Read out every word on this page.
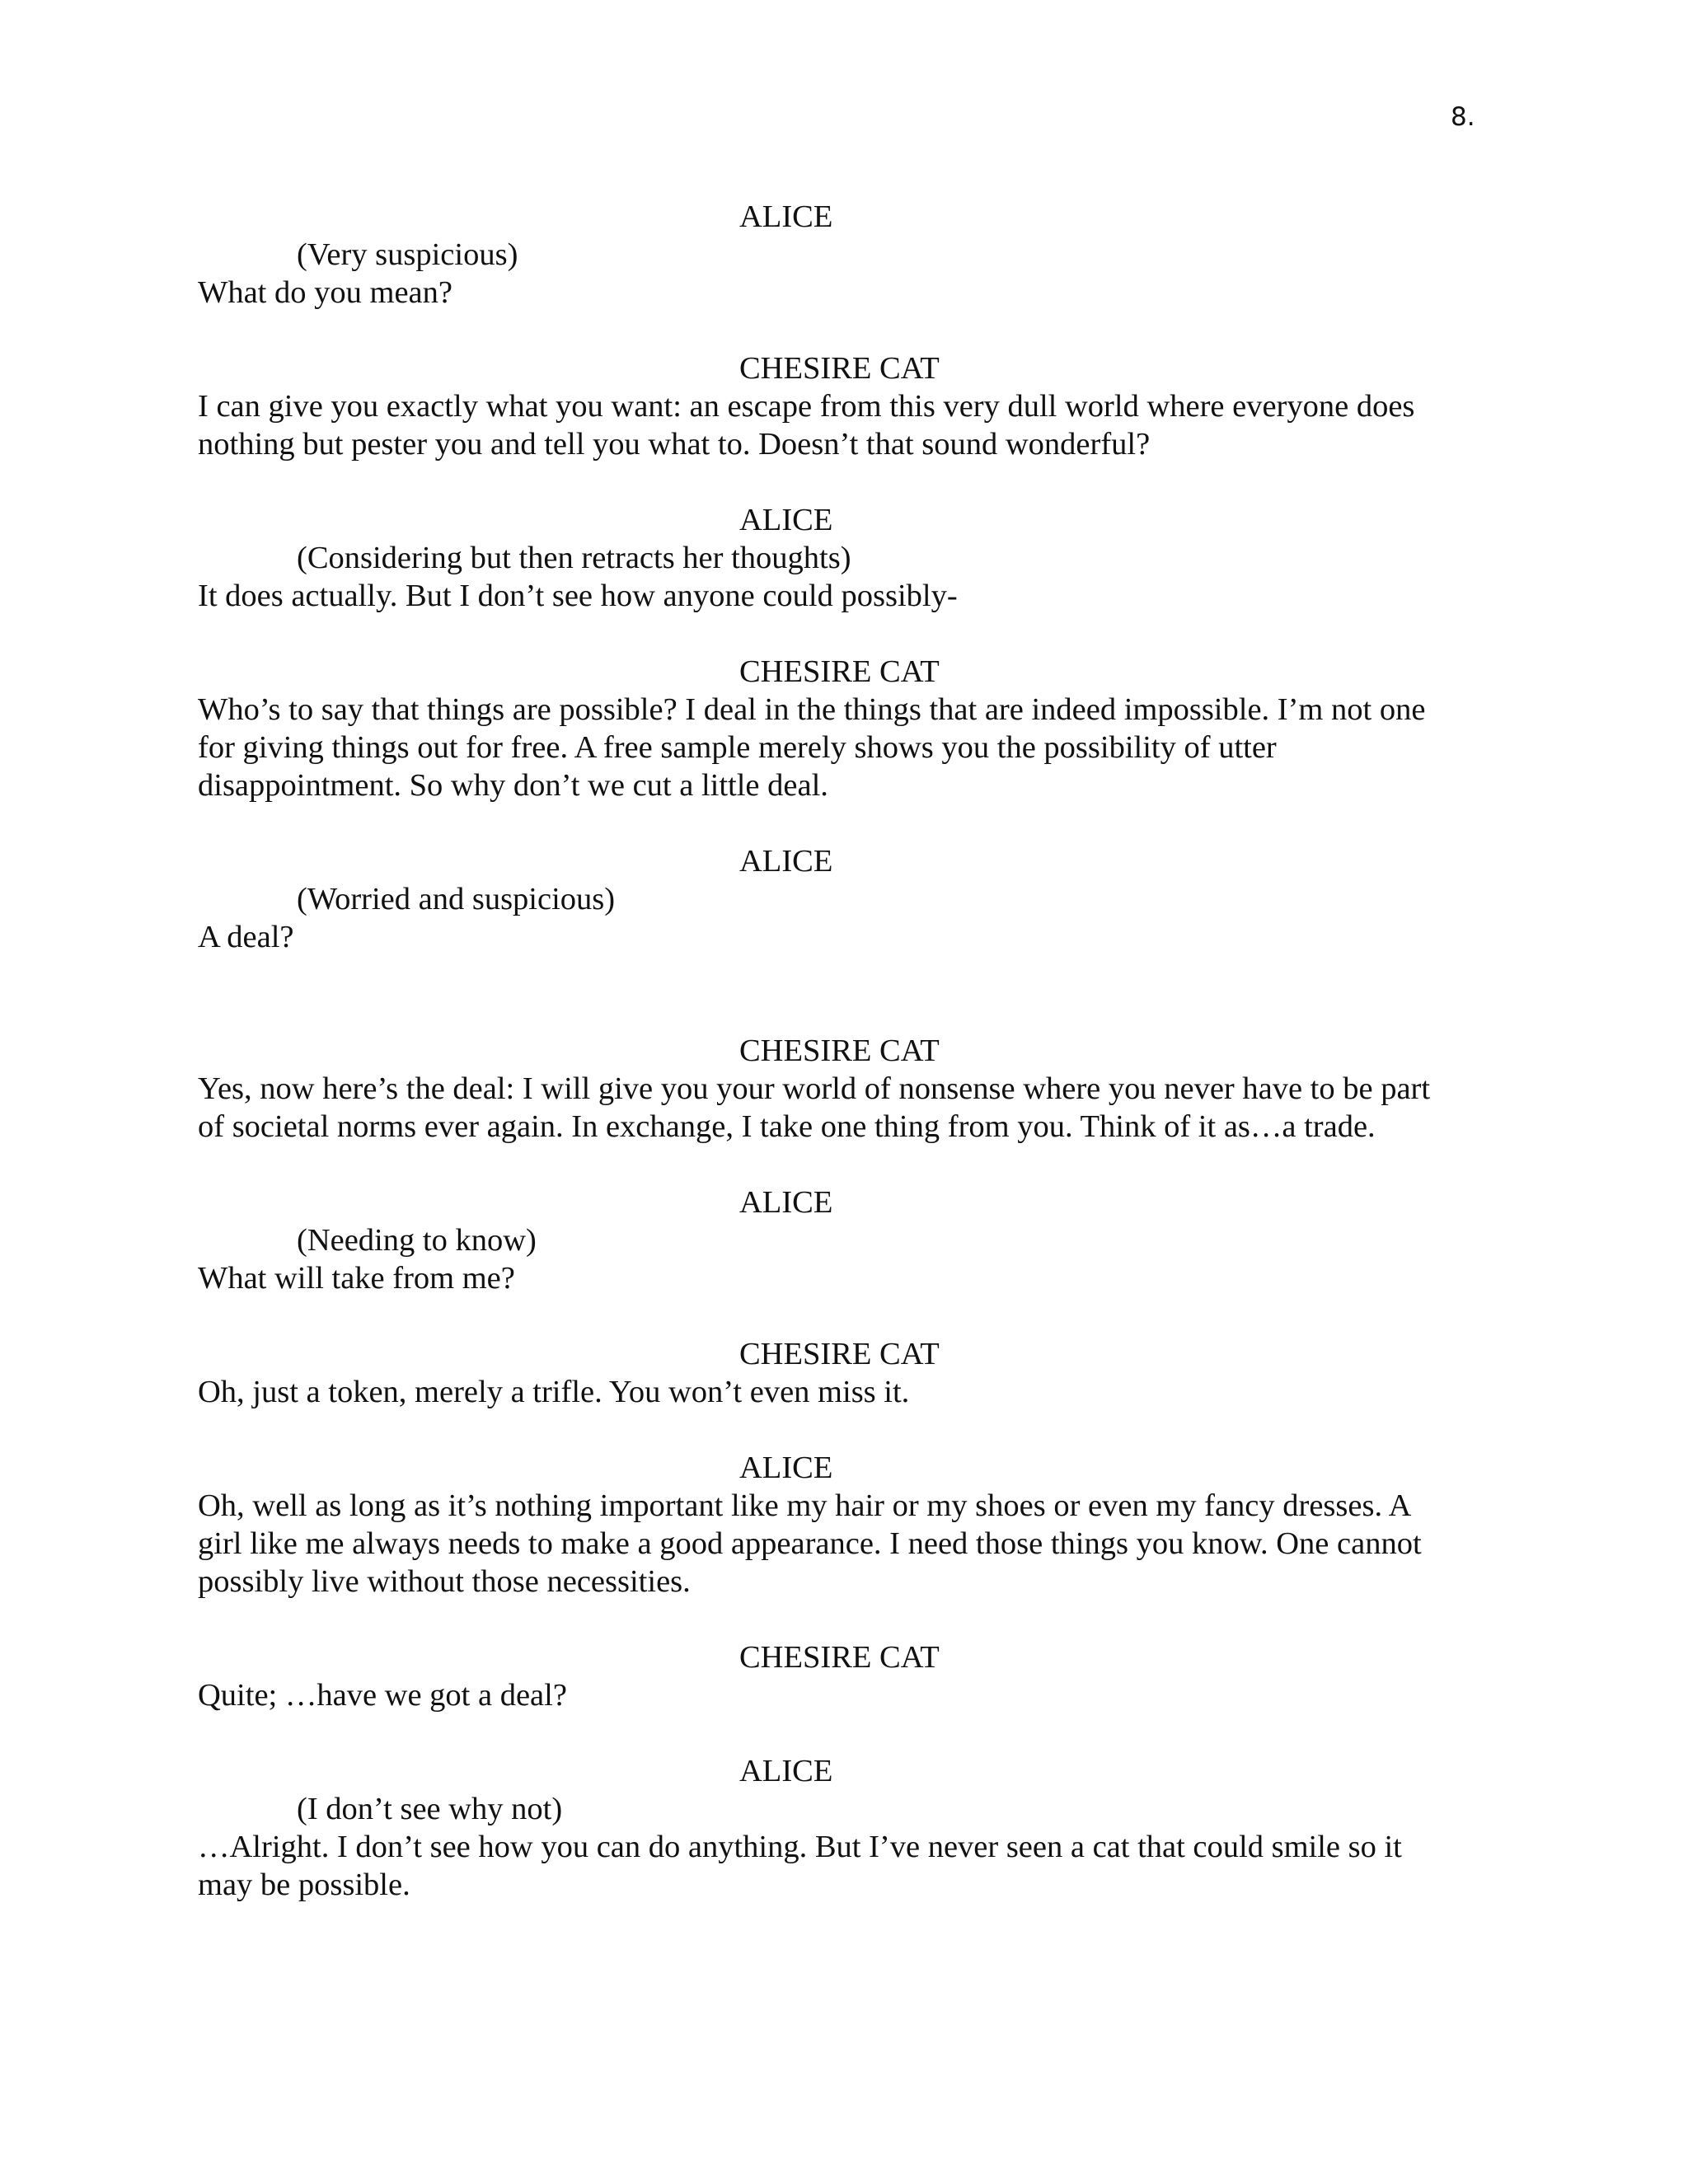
8.
ALICE
(Very suspicious)
What do you mean?
CHESIRE CAT
I can give you exactly what you want: an escape from this very dull world where everyone does
nothing but pester you and tell you what to. Doesn’t that sound wonderful?
ALICE
(Considering but then retracts her thoughts)
It does actually. But I don’t see how anyone could possibly-
CHESIRE CAT
Who’s to say that things are possible? I deal in the things that are indeed impossible. I’m not one
for giving things out for free. A free sample merely shows you the possibility of utter
disappointment. So why don’t we cut a little deal.
ALICE
(Worried and suspicious)
A deal?
CHESIRE CAT
Yes, now here’s the deal: I will give you your world of nonsense where you never have to be part
of societal norms ever again. In exchange, I take one thing from you. Think of it as…a trade.
ALICE
(Needing to know)
What will take from me?
CHESIRE CAT
Oh, just a token, merely a trifle. You won’t even miss it.
ALICE
Oh, well as long as it’s nothing important like my hair or my shoes or even my fancy dresses. A
girl like me always needs to make a good appearance. I need those things you know. One cannot
possibly live without those necessities.
CHESIRE CAT
Quite; …have we got a deal?
ALICE
(I don’t see why not)
…Alright. I don’t see how you can do anything. But I’ve never seen a cat that could smile so it
may be possible.
